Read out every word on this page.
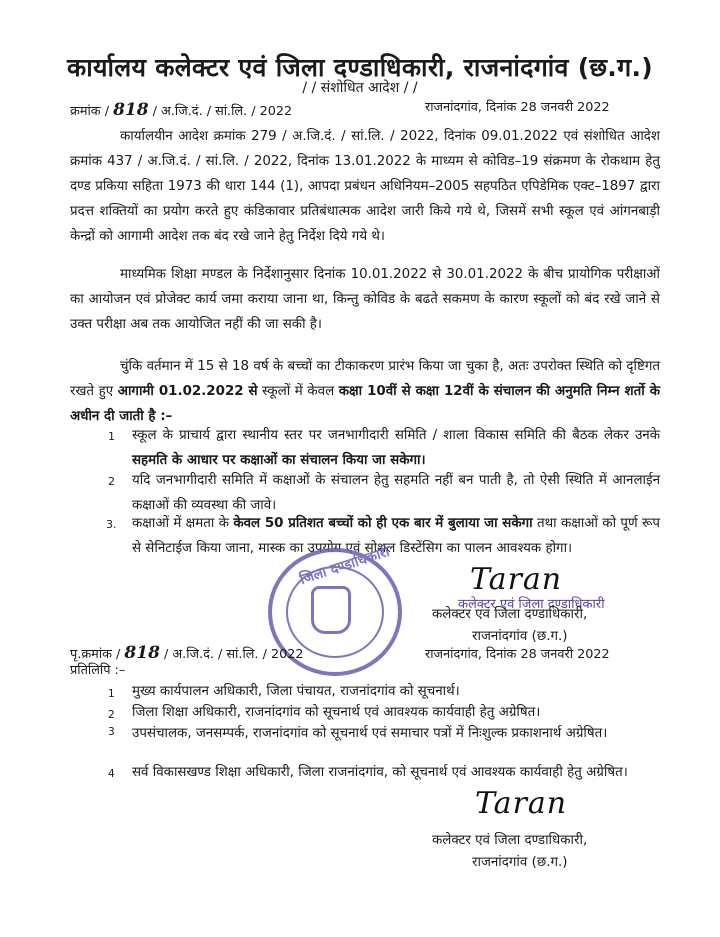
कार्यालय कलेक्टर एवं जिला दण्डाधिकारी, राजनांदगांव (छ.ग.)
/ / संशोधित आदेश / /
क्रमांक / 818 / अ.जि.दं. / सां.लि. / 2022	राजनांदगांव, दिनांक 28 जनवरी 2022
कार्यालयीन आदेश क्रमांक 279 / अ.जि.दं. / सां.लि. / 2022, दिनांक 09.01.2022 एवं संशोधित आदेश क्रमांक 437 / अ.जि.दं. / सां.लि. / 2022, दिनांक 13.01.2022 के माध्यम से कोविड–19 संक्रमण के रोकथाम हेतु दण्ड प्रकिया सहिता 1973 की धारा 144 (1), आपदा प्रबंधन अधिनियम–2005 सहपठित एपिडेमिक एक्ट–1897 द्वारा प्रदत्त शक्तियों का प्रयोग करते हुए कंडिकावार प्रतिबंधात्मक आदेश जारी किये गये थे, जिसमें सभी स्कूल एवं आंगनबाड़ी केन्द्रों को आगामी आदेश तक बंद रखे जाने हेतु निर्देश दिये गये थे।
माध्यमिक शिक्षा मण्डल के निर्देशानुसार दिनांक 10.01.2022 से 30.01.2022 के बीच प्रायोगिक परीक्षाओं का आयोजन एवं प्रोजेक्ट कार्य जमा कराया जाना था, किन्तु कोविड के बढते सकमण के कारण स्कूलों को बंद रखे जाने से उक्त परीक्षा अब तक आयोजित नहीं की जा सकी है।
चुंकि वर्तमान में 15 से 18 वर्ष के बच्चों का टीकाकरण प्रारंभ किया जा चुका है, अतः उपरोक्त स्थिति को दृष्टिगत रखते हुए आगामी 01.02.2022 से स्कूलों में केवल कक्षा 10वीं से कक्षा 12वीं के संचालन की अनुमति निम्न शर्तो के अधीन दी जाती है :–
1 स्कूल के प्राचार्य द्वारा स्थानीय स्तर पर जनभागीदारी समिति / शाला विकास समिति की बैठक लेकर उनके सहमति के आधार पर कक्षाओं का संचालन किया जा सकेगा।
2 यदि जनभागीदारी समिति में कक्षाओं के संचालन हेतु सहमति नहीं बन पाती है, तो ऐसी स्थिति में आनलाईन कक्षाओं की व्यवस्था की जावे।
3. कक्षाओं में क्षमता के केवल 50 प्रतिशत बच्चों को ही एक बार में बुलाया जा सकेगा तथा कक्षाओं को पूर्ण रूप से सेनिटाईज किया जाना, मास्क का उपयोग एवं सोशल डिस्टेंसिग का पालन आवश्यक होगा।
जिला दण्डाधिकारी	Taran
कलेक्टर एवं जिला दण्डाधिकारी
कलेक्टर एवं जिला दण्डाधिकारी,
राजनांदगांव (छ.ग.)
पृ.क्रमांक / 818 / अ.जि.दं. / सां.लि. / 2022	राजनांदगांव, दिनांक 28 जनवरी 2022
प्रतिलिपि :–
1 मुख्य कार्यपालन अधिकारी, जिला पंचायत, राजनांदगांव को सूचनार्थ।
2 जिला शिक्षा अधिकारी, राजनांदगांव को सूचनार्थ एवं आवश्यक कार्यवाही हेतु अग्रेषित।
3 उपसंचालक, जनसम्पर्क, राजनांदगांव को सूचनार्थ एवं समाचार पत्रों में निःशुल्क प्रकाशनार्थ अग्रेषित।
4 सर्व विकासखण्ड शिक्षा अधिकारी, जिला राजनांदगांव, को सूचनार्थ एवं आवश्यक कार्यवाही हेतु अग्रेषित।
Taran
कलेक्टर एवं जिला दण्डाधिकारी,
राजनांदगांव (छ.ग.)
